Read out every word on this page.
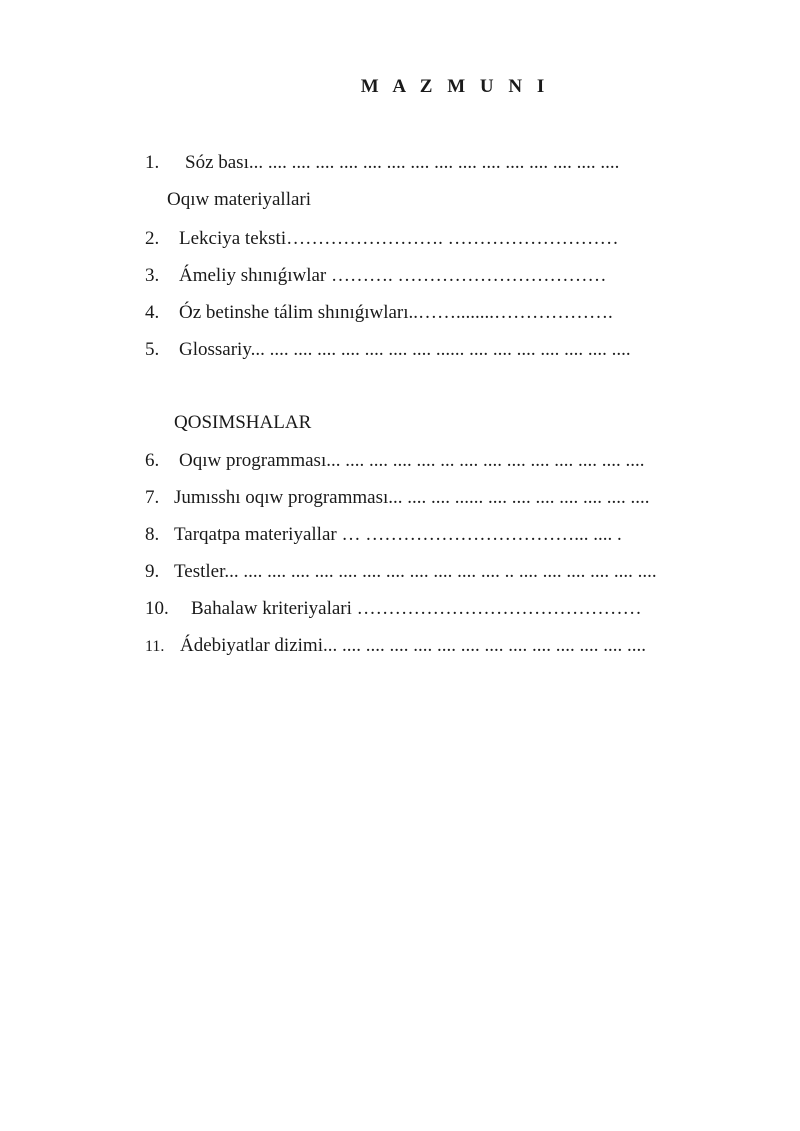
M A Z M U N I
1. Sóz bası... .... .... .... .... .... .... .... .... .... .... .... .... .... .... ....
Oqıw materiyallari
2. Lekciya teksti……………………. ………………………
3. Ámeliy shınıǵıwlar ………. ……………………………
4. Óz betinshe tálim shınıǵıwları..……........……………….
5. Glossariy... .... .... .... .... .... .... .... ...... .... .... .... .... .... .... ....
QOSIMSHALAR
6. Oqıw programması... .... .... .... .... ... .... .... .... .... .... .... .... ....
7. Jumısshı oqıw programması... .... .... ...... .... .... .... .... .... .... ....
8. Tarqatpa materiyallar … ……………………………... .... .
9. Testler... .... .... .... .... .... .... .... .... .... .... .... .. .... .... .... .... .... ....
10. Bahalaw kriteriyalari ………………………………………
11. Ádebiyatlar dizimi... .... .... .... .... .... .... .... .... .... .... .... .... ....
